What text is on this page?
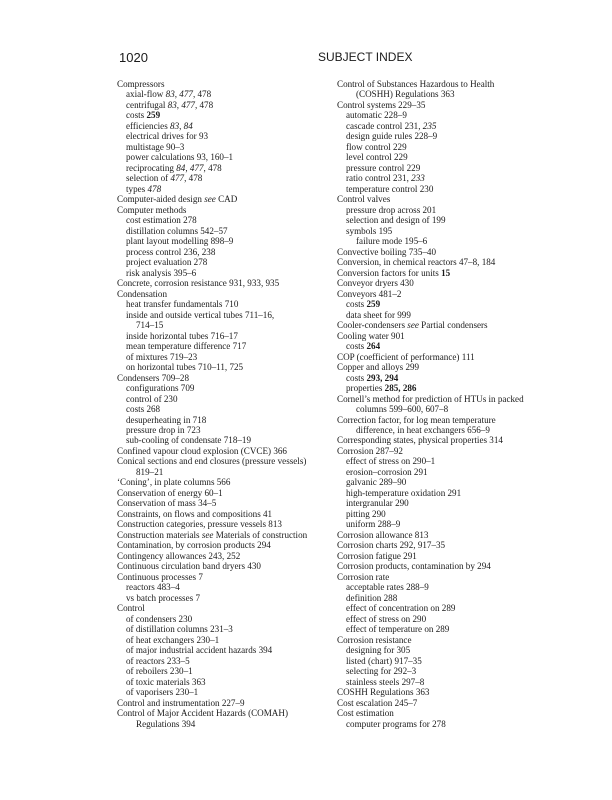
1020	SUBJECT INDEX
Compressors
axial-flow 83, 477, 478
centrifugal 83, 477, 478
costs 259
efficiencies 83, 84
electrical drives for 93
multistage 90–3
power calculations 93, 160–1
reciprocating 84, 477, 478
selection of 477, 478
types 478
Computer-aided design see CAD
Computer methods
cost estimation 278
distillation columns 542–57
plant layout modelling 898–9
process control 236, 238
project evaluation 278
risk analysis 395–6
Concrete, corrosion resistance 931, 933, 935
Condensation
heat transfer fundamentals 710
inside and outside vertical tubes 711–16,
714–15
inside horizontal tubes 716–17
mean temperature difference 717
of mixtures 719–23
on horizontal tubes 710–11, 725
Condensers 709–28
configurations 709
control of 230
costs 268
desuperheating in 718
pressure drop in 723
sub-cooling of condensate 718–19
Confined vapour cloud explosion (CVCE) 366
Conical sections and end closures (pressure vessels)
819–21
‘Coning’, in plate columns 566
Conservation of energy 60–1
Conservation of mass 34–5
Constraints, on flows and compositions 41
Construction categories, pressure vessels 813
Construction materials see Materials of construction
Contamination, by corrosion products 294
Contingency allowances 243, 252
Continuous circulation band dryers 430
Continuous processes 7
reactors 483–4
vs batch processes 7
Control
of condensers 230
of distillation columns 231–3
of heat exchangers 230–1
of major industrial accident hazards 394
of reactors 233–5
of reboilers 230–1
of toxic materials 363
of vaporisers 230–1
Control and instrumentation 227–9
Control of Major Accident Hazards (COMAH)
Regulations 394
Control of Substances Hazardous to Health
(COSHH) Regulations 363
Control systems 229–35
automatic 228–9
cascade control 231, 235
design guide rules 228–9
flow control 229
level control 229
pressure control 229
ratio control 231, 233
temperature control 230
Control valves
pressure drop across 201
selection and design of 199
symbols 195
failure mode 195–6
Convective boiling 735–40
Conversion, in chemical reactors 47–8, 184
Conversion factors for units 15
Conveyor dryers 430
Conveyors 481–2
costs 259
data sheet for 999
Cooler-condensers see Partial condensers
Cooling water 901
costs 264
COP (coefficient of performance) 111
Copper and alloys 299
costs 293, 294
properties 285, 286
Cornell’s method for prediction of HTUs in packed
columns 599–600, 607–8
Correction factor, for log mean temperature
difference, in heat exchangers 656–9
Corresponding states, physical properties 314
Corrosion 287–92
effect of stress on 290–1
erosion–corrosion 291
galvanic 289–90
high-temperature oxidation 291
intergranular 290
pitting 290
uniform 288–9
Corrosion allowance 813
Corrosion charts 292, 917–35
Corrosion fatigue 291
Corrosion products, contamination by 294
Corrosion rate
acceptable rates 288–9
definition 288
effect of concentration on 289
effect of stress on 290
effect of temperature on 289
Corrosion resistance
designing for 305
listed (chart) 917–35
selecting for 292–3
stainless steels 297–8
COSHH Regulations 363
Cost escalation 245–7
Cost estimation
computer programs for 278
